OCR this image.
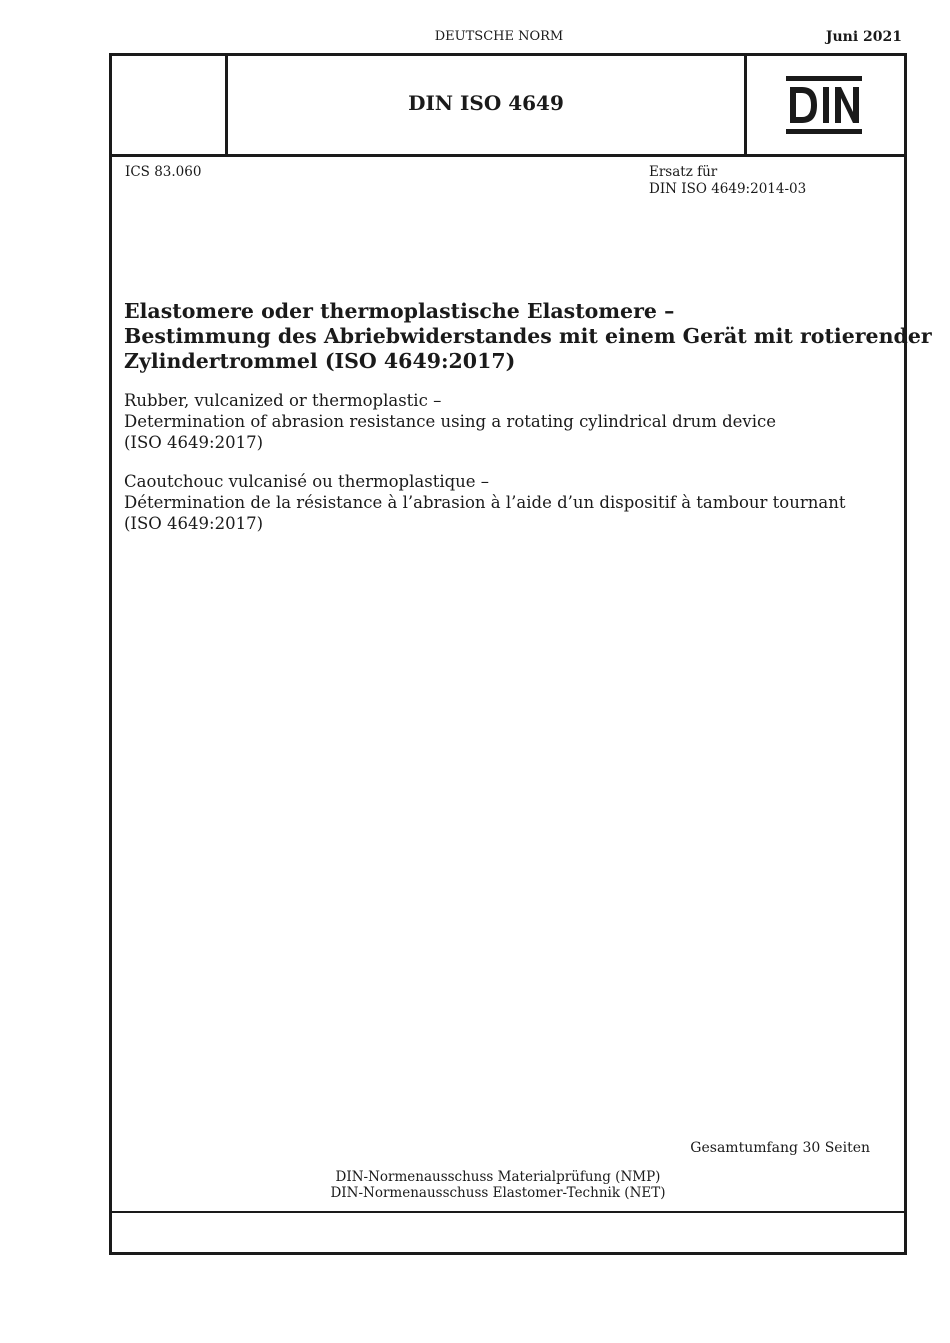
DEUTSCHE NORM	Juni 2021
DIN ISO 4649
ICS 83.060	Ersatz für
DIN ISO 4649:2014-03
Elastomere oder thermoplastische Elastomere –
Bestimmung des Abriebwiderstandes mit einem Gerät mit rotierender
Zylindertrommel (ISO 4649:2017)
Rubber, vulcanized or thermoplastic –
Determination of abrasion resistance using a rotating cylindrical drum device
(ISO 4649:2017)
Caoutchouc vulcanisé ou thermoplastique –
Détermination de la résistance à l’abrasion à l’aide d’un dispositif à tambour tournant
(ISO 4649:2017)
Gesamtumfang 30 Seiten
DIN-Normenausschuss Materialprüfung (NMP)
DIN-Normenausschuss Elastomer-Technik (NET)
